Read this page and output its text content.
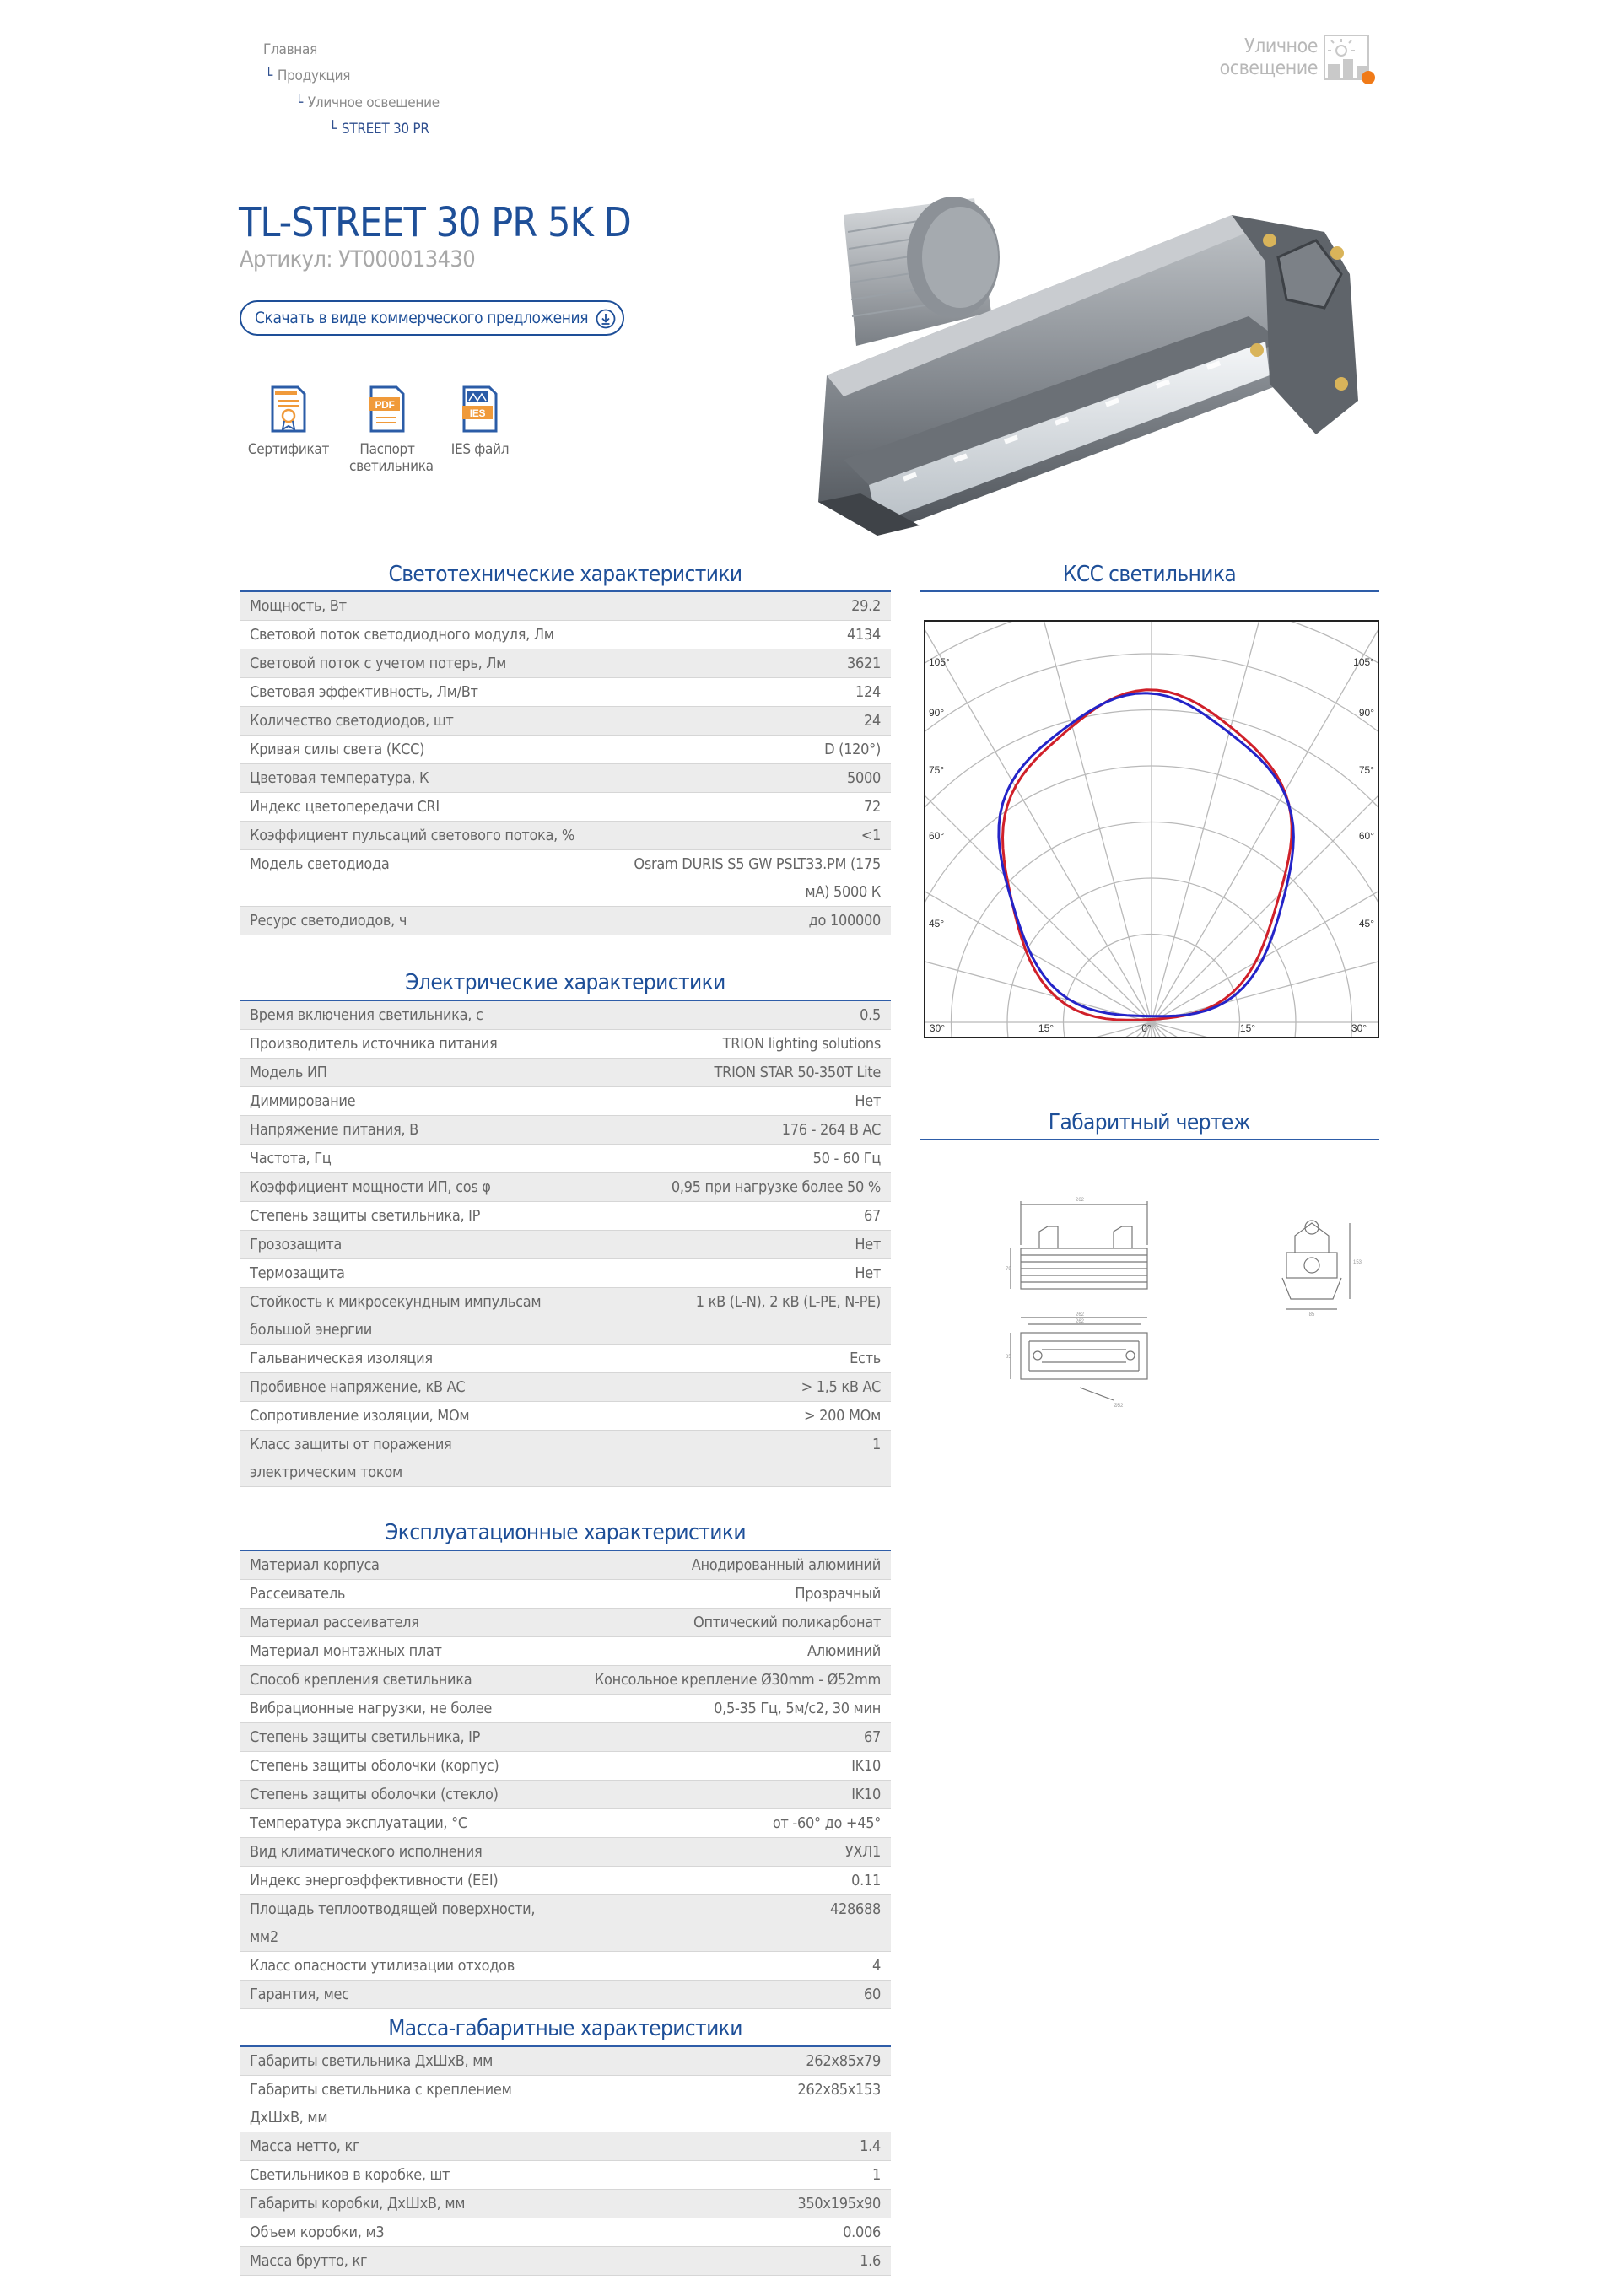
Главная
└ Продукция
└ Уличное освещение
└ STREET 30 PR
Уличное
освещение
TL-STREET 30 PR 5K D
Артикул: УТ000013430
Скачать в виде коммерческого предложения
Сертификат
PDF
Паспорт светильника
IES
IES файл
Светотехнические характеристики
Мощность, Вт	29.2
Световой поток светодиодного модуля, Лм	4134
Световой поток с учетом потерь, Лм	3621
Световая эффективность, Лм/Вт	124
Количество светодиодов, шт	24
Кривая силы света (КСС)	D (120°)
Цветовая температура, К	5000
Индекс цветопередачи CRI	72
Коэффициент пульсаций светового потока, %	<1
Модель светодиода	Osram DURIS S5 GW PSLT33.PM (175 мА) 5000 К
Ресурс светодиодов, ч	до 100000
Электрические характеристики
Время включения светильника, с	0.5
Производитель источника питания	TRION lighting solutions
Модель ИП	TRION STAR 50-350T Lite
Диммирование	Нет
Напряжение питания, В	176 - 264 В AC
Частота, Гц	50 - 60 Гц
Коэффициент мощности ИП, cos φ	0,95 при нагрузке более 50 %
Степень защиты светильника, IP	67
Грозозащита	Нет
Термозащита	Нет
Стойкость к микросекундным импульсам большой энергии	1 кВ (L-N), 2 кВ (L-PE, N-PE)
Гальваническая изоляция	Есть
Пробивное напряжение, кВ АС	> 1,5 кВ AC
Сопротивление изоляции, МОм	> 200 МОм
Класс защиты от поражения электрическим током	1
Эксплуатационные характеристики
Материал корпуса	Анодированный алюминий
Рассеиватель	Прозрачный
Материал рассеивателя	Оптический поликарбонат
Материал монтажных плат	Алюминий
Способ крепления светильника	Консольное крепление Ø30mm - Ø52mm
Вибрационные нагрузки, не более	0,5-35 Гц, 5м/с2, 30 мин
Степень защиты светильника, IP	67
Степень защиты оболочки (корпус)	IK10
Степень защиты оболочки (стекло)	IK10
Температура эксплуатации, °С	от -60° до +45°
Вид климатического исполнения	УХЛ1
Индекс энергоэффективности (EEI)	0.11
Площадь теплоотводящей поверхности, мм2	428688
Класс опасности утилизации отходов	4
Гарантия, мес	60
Масса-габаритные характеристики
Габариты светильника ДхШхВ, мм	262x85x79
Габариты светильника с креплением ДхШхВ, мм	262x85x153
Масса нетто, кг	1.4
Светильников в коробке, шт	1
Габариты коробки, ДхШхВ, мм	350x195x90
Объем коробки, м3	0.006
Масса брутто, кг	1.6
КСС светильника
105°
90°
75°
60°
45°
105°
90°
75°
60°
45°
30°	15°	0°	15°	30°
Габаритный чертеж
262
79
85
153
262
262
85
Ø52
